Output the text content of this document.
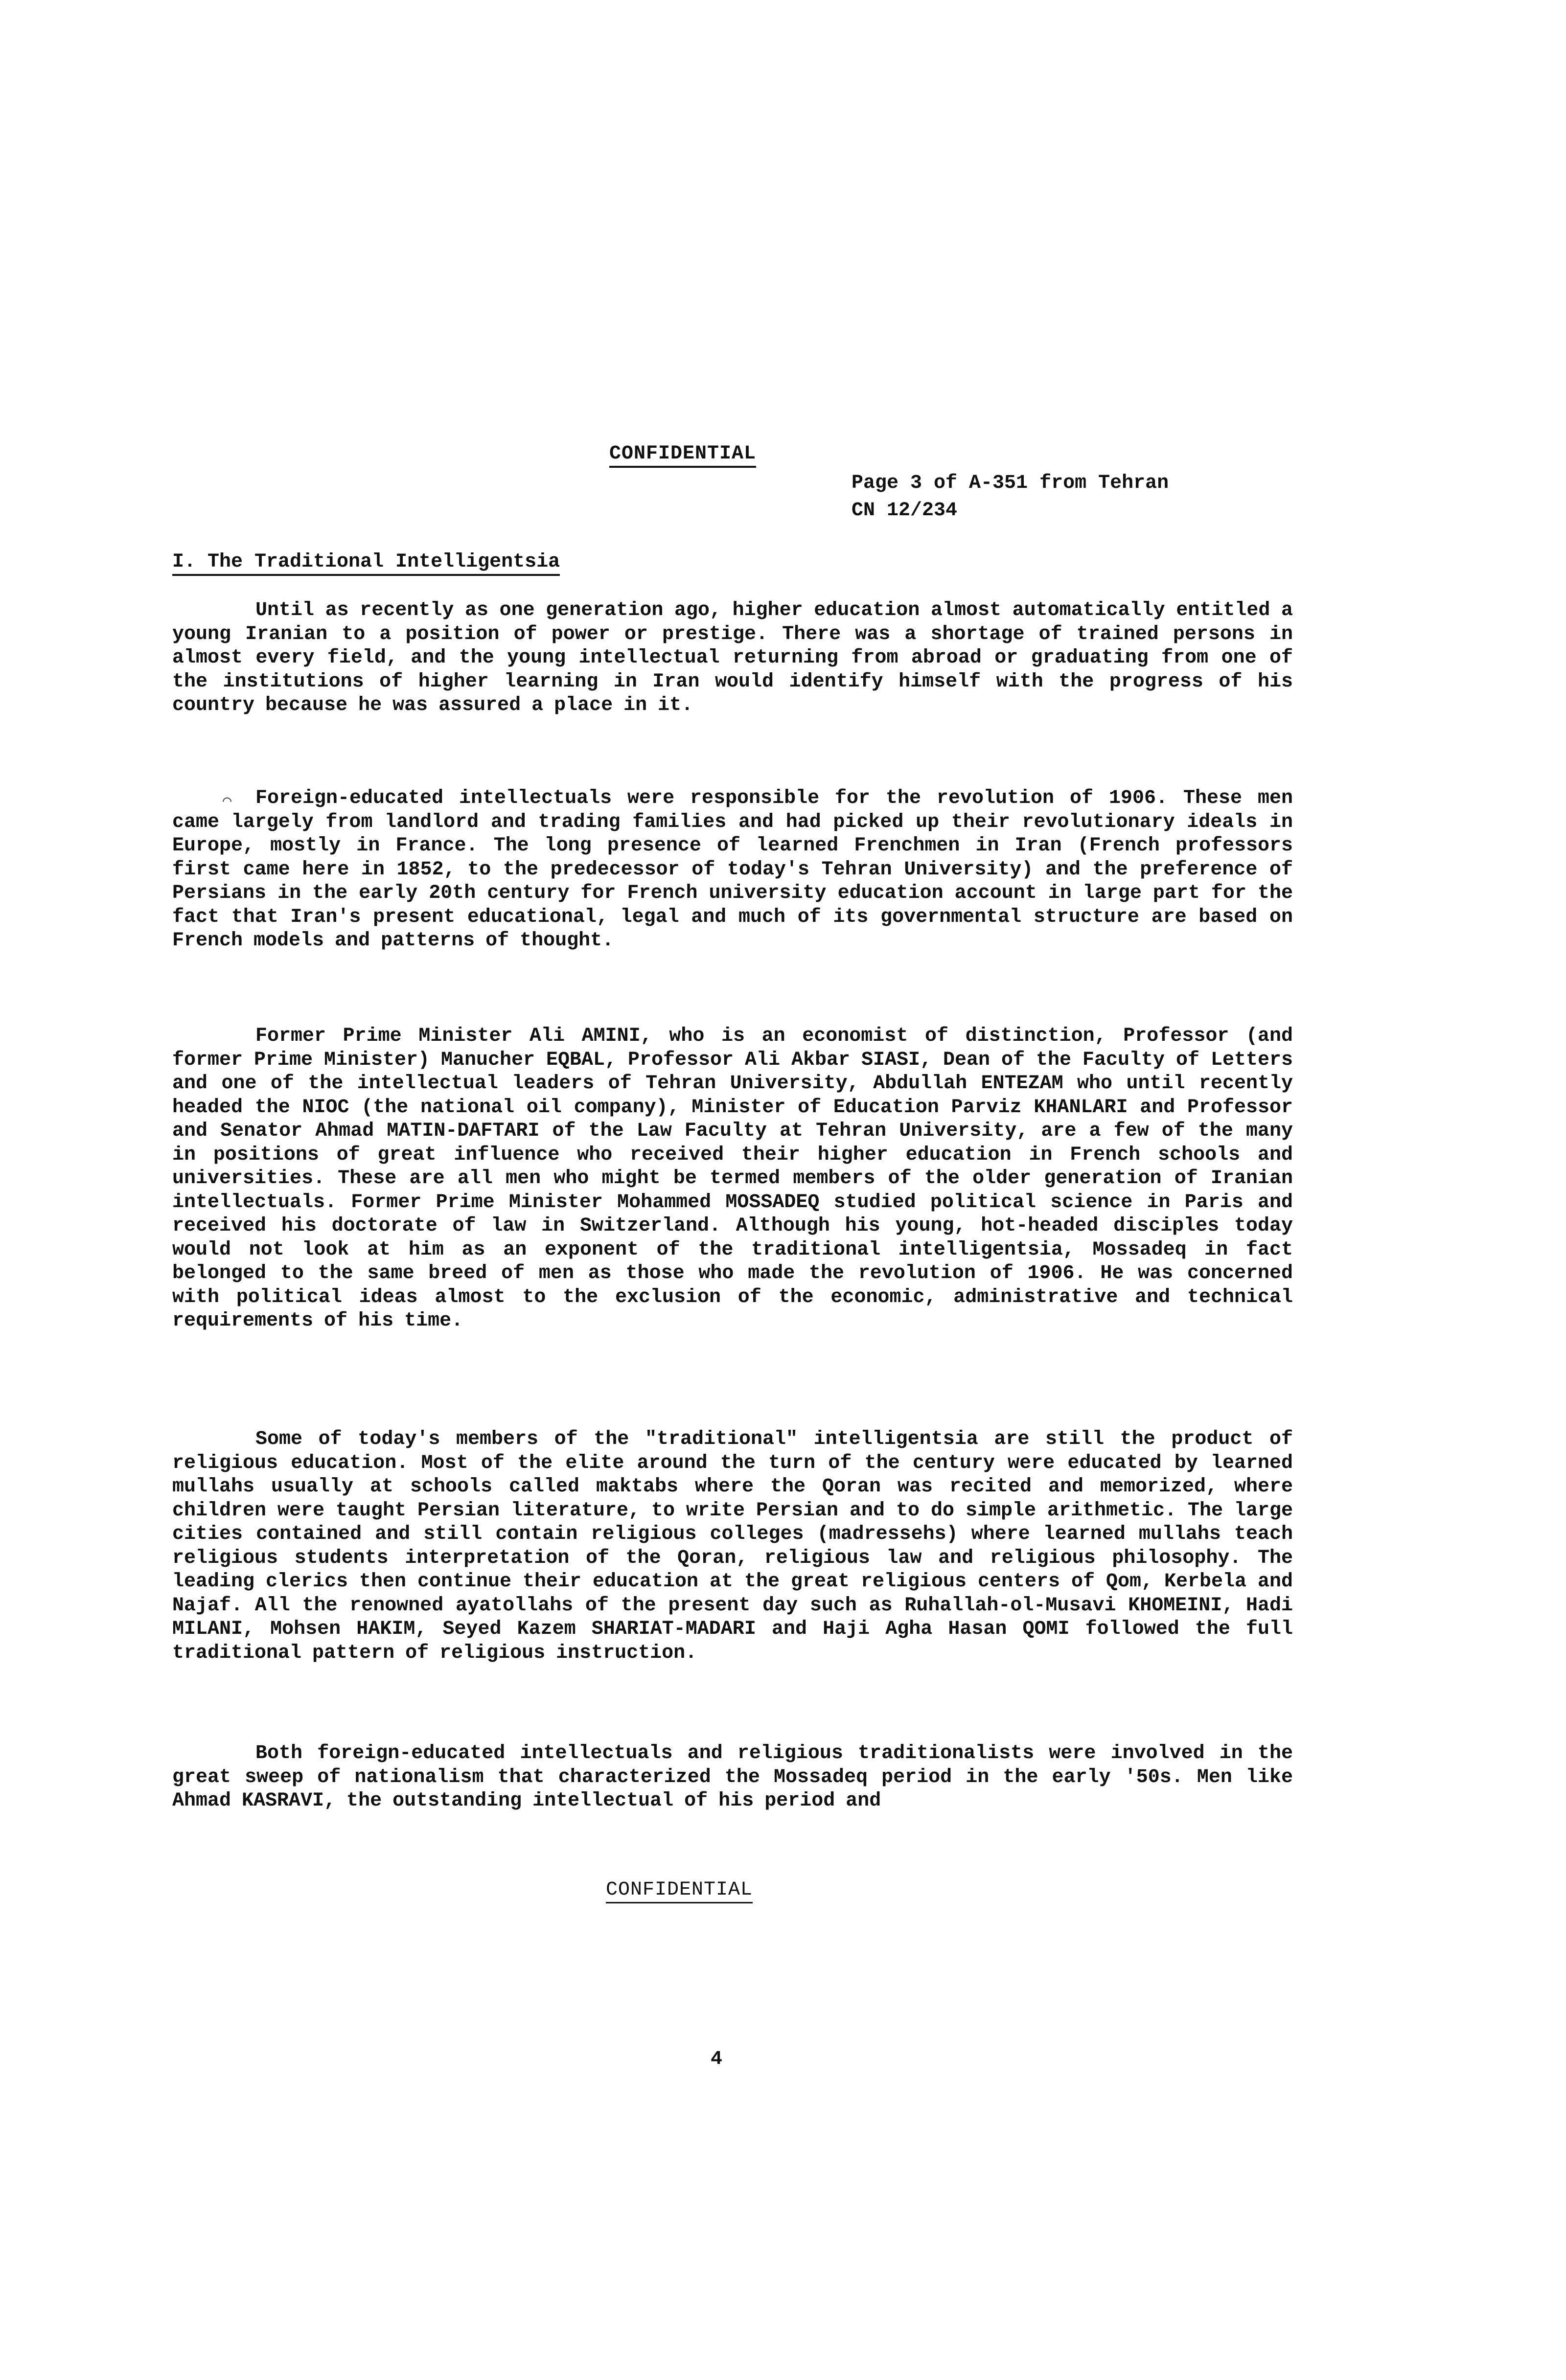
CONFIDENTIAL
Page 3 of A-351 from Tehran
CN 12/234
I. The Traditional Intelligentsia
⌒

Until as recently as one generation ago, higher education almost automatically entitled a young Iranian to a position of power or prestige. There was a shortage of trained persons in almost every field, and the young intellectual returning from abroad or graduating from one of the institutions of higher learning in Iran would identify himself with the progress of his country because he was assured a place in it.

Foreign-educated intellectuals were responsible for the revolution of 1906. These men came largely from landlord and trading families and had picked up their revolutionary ideals in Europe, mostly in France. The long presence of learned Frenchmen in Iran (French professors first came here in 1852, to the predecessor of today's Tehran University) and the preference of Persians in the early 20th century for French university education account in large part for the fact that Iran's present educational, legal and much of its governmental structure are based on French models and patterns of thought.

Former Prime Minister Ali AMINI, who is an economist of distinction, Professor (and former Prime Minister) Manucher EQBAL, Professor Ali Akbar SIASI, Dean of the Faculty of Letters and one of the intellectual leaders of Tehran University, Abdullah ENTEZAM who until recently headed the NIOC (the national oil company), Minister of Education Parviz KHANLARI and Professor and Senator Ahmad MATIN-DAFTARI of the Law Faculty at Tehran University, are a few of the many in positions of great influence who received their higher education in French schools and universities. These are all men who might be termed members of the older generation of Iranian intellectuals. Former Prime Minister Mohammed MOSSADEQ studied political science in Paris and received his doctorate of law in Switzerland. Although his young, hot-headed disciples today would not look at him as an exponent of the traditional intelligentsia, Mossadeq in fact belonged to the same breed of men as those who made the revolution of 1906. He was concerned with political ideas almost to the exclusion of the economic, administrative and technical requirements of his time.

Some of today's members of the "traditional" intelligentsia are still the product of religious education. Most of the elite around the turn of the century were educated by learned mullahs usually at schools called maktabs where the Qoran was recited and memorized, where children were taught Persian literature, to write Persian and to do simple arithmetic. The large cities contained and still contain religious colleges (madressehs) where learned mullahs teach religious students interpretation of the Qoran, religious law and religious philosophy. The leading clerics then continue their education at the great religious centers of Qom, Kerbela and Najaf. All the renowned ayatollahs of the present day such as Ruhallah-ol-Musavi KHOMEINI, Hadi MILANI, Mohsen HAKIM, Seyed Kazem SHARIAT-MADARI and Haji Agha Hasan QOMI followed the full traditional pattern of religious instruction.

Both foreign-educated intellectuals and religious traditionalists were involved in the great sweep of nationalism that characterized the Mossadeq period in the early '50s. Men like Ahmad KASRAVI, the outstanding intellectual of his period and

CONFIDENTIAL
4
